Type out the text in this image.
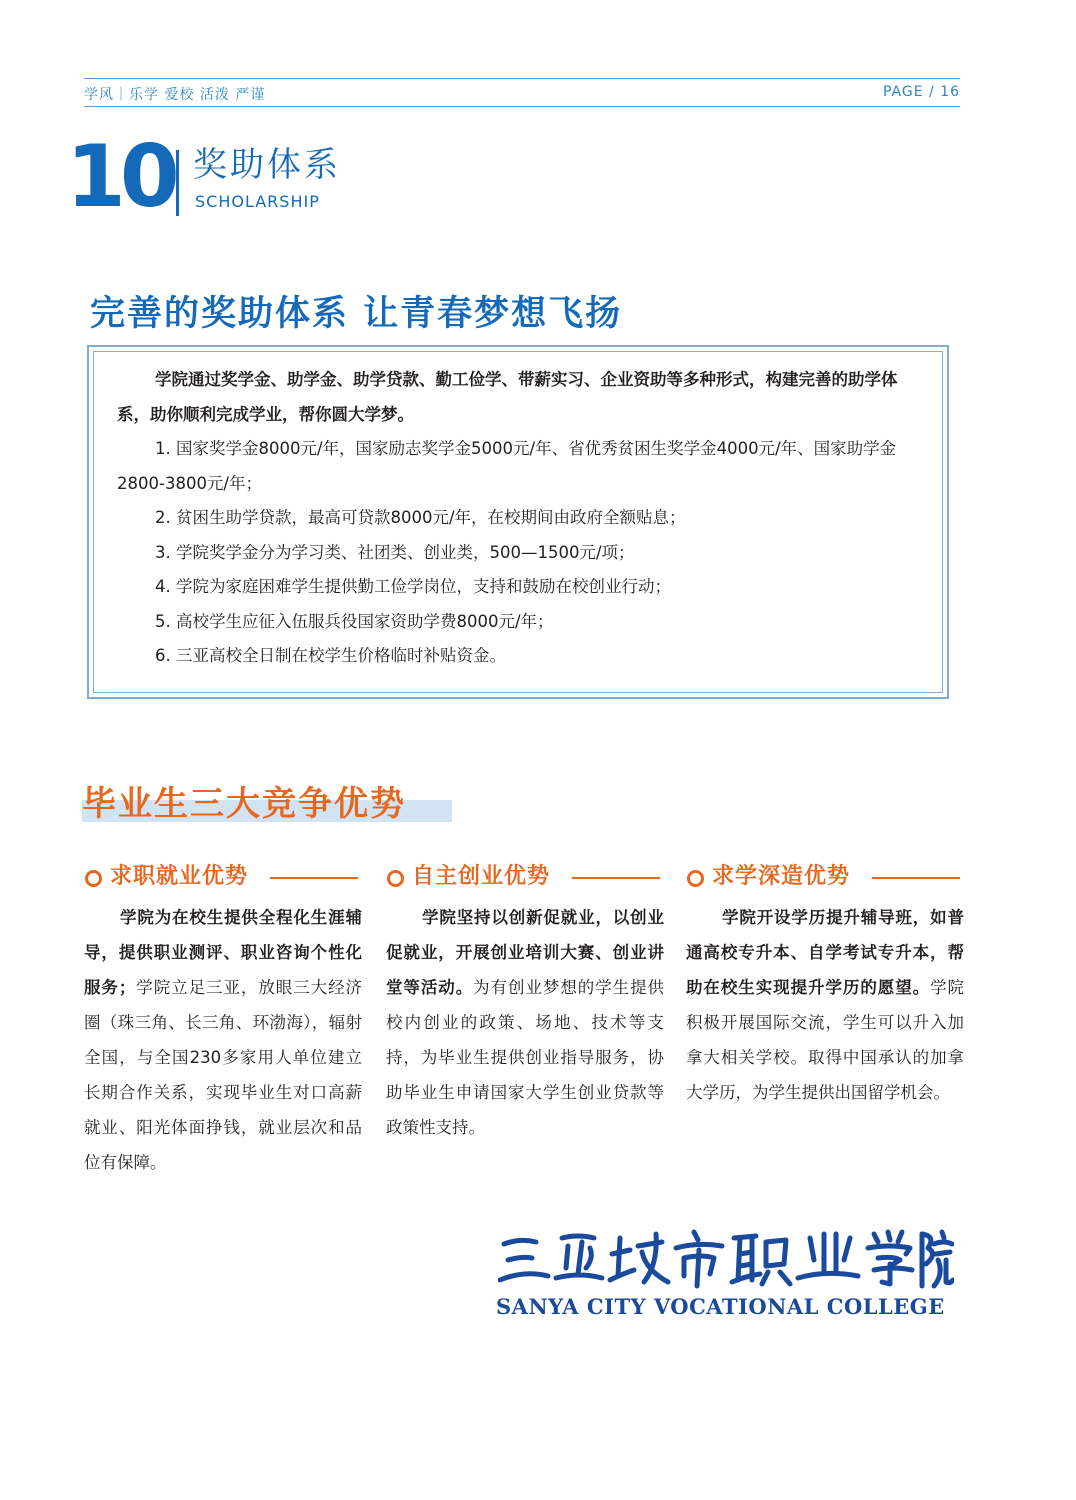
学风｜乐学 爱校 活泼 严谨	PAGE / 16
10 奖助体系
SCHOLARSHIP
完善的奖助体系 让青春梦想飞扬

学院通过奖学金、助学金、助学贷款、勤工俭学、带薪实习、企业资助等多种形式，构建完善的助学体系，助你顺利完成学业，帮你圆大学梦。

1. 国家奖学金8000元/年，国家励志奖学金5000元/年、省优秀贫困生奖学金4000元/年、国家助学金2800-3800元/年；

2. 贫困生助学贷款，最高可贷款8000元/年，在校期间由政府全额贴息；

3. 学院奖学金分为学习类、社团类、创业类，500—1500元/项；

4. 学院为家庭困难学生提供勤工俭学岗位，支持和鼓励在校创业行动；

5. 高校学生应征入伍服兵役国家资助学费8000元/年；

6. 三亚高校全日制在校学生价格临时补贴资金。

毕业生三大竞争优势
求职就业优势

学院为在校生提供全程化生涯辅导，提供职业测评、职业咨询个性化服务；学院立足三亚，放眼三大经济圈（珠三角、长三角、环渤海），辐射全国，与全国230多家用人单位建立长期合作关系，实现毕业生对口高薪就业、阳光体面挣钱，就业层次和品位有保障。

自主创业优势

学院坚持以创新促就业，以创业促就业，开展创业培训大赛、创业讲堂等活动。为有创业梦想的学生提供校内创业的政策、场地、技术等支持，为毕业生提供创业指导服务，协助毕业生申请国家大学生创业贷款等政策性支持。

求学深造优势

学院开设学历提升辅导班，如普通高校专升本、自学考试专升本，帮助在校生实现提升学历的愿望。学院积极开展国际交流，学生可以升入加拿大相关学校。取得中国承认的加拿大学历，为学生提供出国留学机会。

SANYA CITY VOCATIONAL COLLEGE
